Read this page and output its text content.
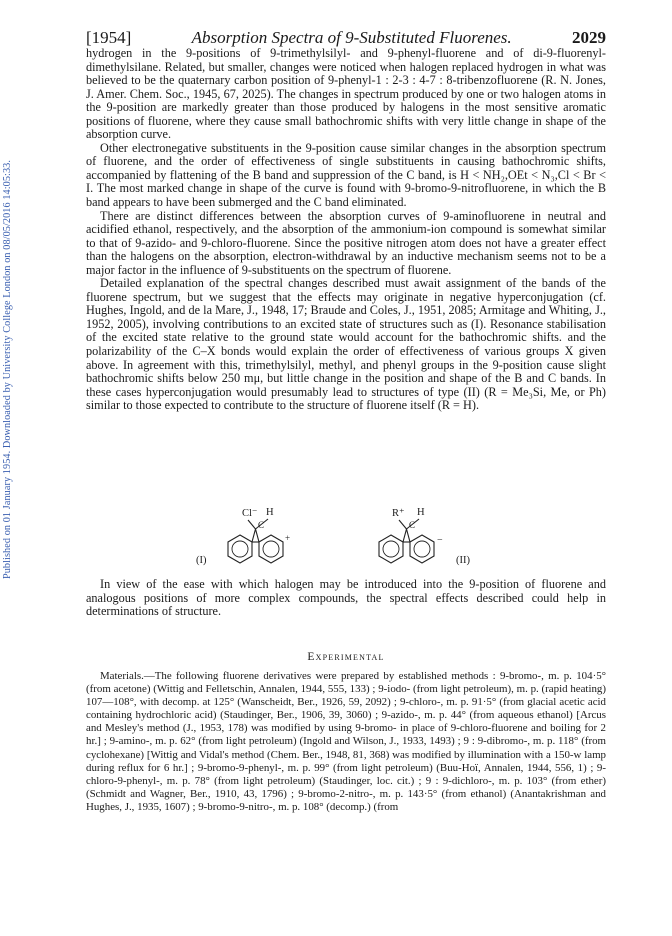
Published on 01 January 1954. Downloaded by University College London on 08/05/2016 14:05:33.
[1954]	Absorption Spectra of 9-Substituted Fluorenes.	2029

hydrogen in the 9-positions of 9-trimethylsilyl- and 9-phenyl-fluorene and of di-9-fluorenyl-dimethylsilane. Related, but smaller, changes were noticed when halogen replaced hydrogen in what was believed to be the quaternary carbon position of 9-phenyl-1 : 2-3 : 4-7 : 8-tribenzofluorene (R. N. Jones, J. Amer. Chem. Soc., 1945, 67, 2025). The changes in spectrum produced by one or two halogen atoms in the 9-position are markedly greater than those produced by halogens in the most sensitive aromatic positions of fluorene, where they cause small bathochromic shifts with very little change in shape of the absorption curve.

Other electronegative substituents in the 9-position cause similar changes in the absorption spectrum of fluorene, and the order of effectiveness of single substituents in causing bathochromic shifts, accompanied by flattening of the B band and suppression of the C band, is H < NH₂,OEt < N₃,Cl < Br < I. The most marked change in shape of the curve is found with 9-bromo-9-nitrofluorene, in which the B band appears to have been submerged and the C band eliminated.

There are distinct differences between the absorption curves of 9-aminofluorene in neutral and acidified ethanol, respectively, and the absorption of the ammonium-ion compound is somewhat similar to that of 9-azido- and 9-chloro-fluorene. Since the positive nitrogen atom does not have a greater effect than the halogens on the absorption, electron-withdrawal by an inductive mechanism seems not to be a major factor in the influence of 9-substituents on the spectrum of fluorene.

Detailed explanation of the spectral changes described must await assignment of the bands of the fluorene spectrum, but we suggest that the effects may originate in negative hyperconjugation (cf. Hughes, Ingold, and de la Mare, J., 1948, 17; Braude and Coles, J., 1951, 2085; Armitage and Whiting, J., 1952, 2005), involving contributions to an excited state of structures such as (I). Resonance stabilisation of the excited state relative to the ground state would account for the bathochromic shifts. and the polarizability of the C–X bonds would explain the order of effectiveness of various groups X given above. In agreement with this, trimethylsilyl, methyl, and phenyl groups in the 9-position cause slight bathochromic shifts below 250 mμ, but little change in the position and shape of the B and C bands. In these cases hyperconjugation would presumably lead to structures of type (II) (R = Me₃Si, Me, or Ph) similar to those expected to contribute to the structure of fluorene itself (R = H).

(I)
Cl⁻ H
C
+
R⁺ H
C
−
(II)

In view of the ease with which halogen may be introduced into the 9-position of fluorene and analogous positions of more complex compounds, the spectral effects described could help in determinations of structure.

Experimental

Materials.—The following fluorene derivatives were prepared by established methods : 9-bromo-, m. p. 104·5° (from acetone) (Wittig and Felletschin, Annalen, 1944, 555, 133) ; 9-iodo- (from light petroleum), m. p. (rapid heating) 107—108°, with decomp. at 125° (Wanscheidt, Ber., 1926, 59, 2092) ; 9-chloro-, m. p. 91·5° (from glacial acetic acid containing hydrochloric acid) (Staudinger, Ber., 1906, 39, 3060) ; 9-azido-, m. p. 44° (from aqueous ethanol) [Arcus and Mesley's method (J., 1953, 178) was modified by using 9-bromo- in place of 9-chloro-fluorene and boiling for 2 hr.] ; 9-amino-, m. p. 62° (from light petroleum) (Ingold and Wilson, J., 1933, 1493) ; 9 : 9-dibromo-, m. p. 118° (from cyclohexane) [Wittig and Vidal's method (Chem. Ber., 1948, 81, 368) was modified by illumination with a 150-w lamp during reflux for 6 hr.] ; 9-bromo-9-phenyl-, m. p. 99° (from light petroleum) (Buu-Hoï, Annalen, 1944, 556, 1) ; 9-chloro-9-phenyl-, m. p. 78° (from light petroleum) (Staudinger, loc. cit.) ; 9 : 9-dichloro-, m. p. 103° (from ether) (Schmidt and Wagner, Ber., 1910, 43, 1796) ; 9-bromo-2-nitro-, m. p. 143·5° (from ethanol) (Anantakrishman and Hughes, J., 1935, 1607) ; 9-bromo-9-nitro-, m. p. 108° (decomp.) (from
